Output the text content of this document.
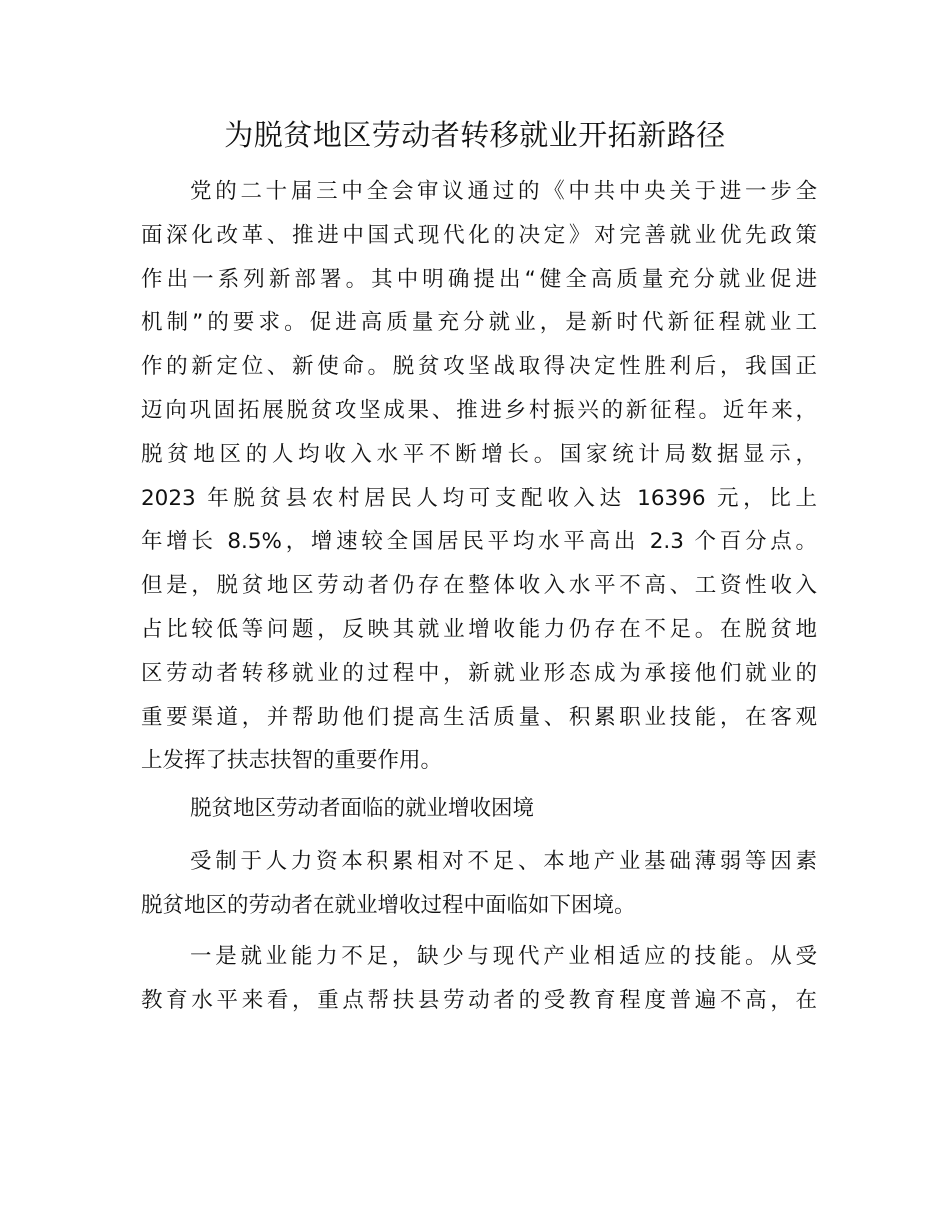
为脱贫地区劳动者转移就业开拓新路径
党的二十届三中全会审议通过的《中共中央关于进一步全
面深化改革、推进中国式现代化的决定》对完善就业优先政策
作出一系列新部署。其中明确提出“健全高质量充分就业促进
机制”的要求。促进高质量充分就业，是新时代新征程就业工
作的新定位、新使命。脱贫攻坚战取得决定性胜利后，我国正
迈向巩固拓展脱贫攻坚成果、推进乡村振兴的新征程。近年来，
脱贫地区的人均收入水平不断增长。国家统计局数据显示，
2023 年脱贫县农村居民人均可支配收入达 16396 元，比上
年增长 8.5%，增速较全国居民平均水平高出 2.3 个百分点。
但是，脱贫地区劳动者仍存在整体收入水平不高、工资性收入
占比较低等问题，反映其就业增收能力仍存在不足。在脱贫地
区劳动者转移就业的过程中，新就业形态成为承接他们就业的
重要渠道，并帮助他们提高生活质量、积累职业技能，在客观
上发挥了扶志扶智的重要作用。
脱贫地区劳动者面临的就业增收困境
受制于人力资本积累相对不足、本地产业基础薄弱等因素
脱贫地区的劳动者在就业增收过程中面临如下困境。
一是就业能力不足，缺少与现代产业相适应的技能。从受
教育水平来看，重点帮扶县劳动者的受教育程度普遍不高，在
